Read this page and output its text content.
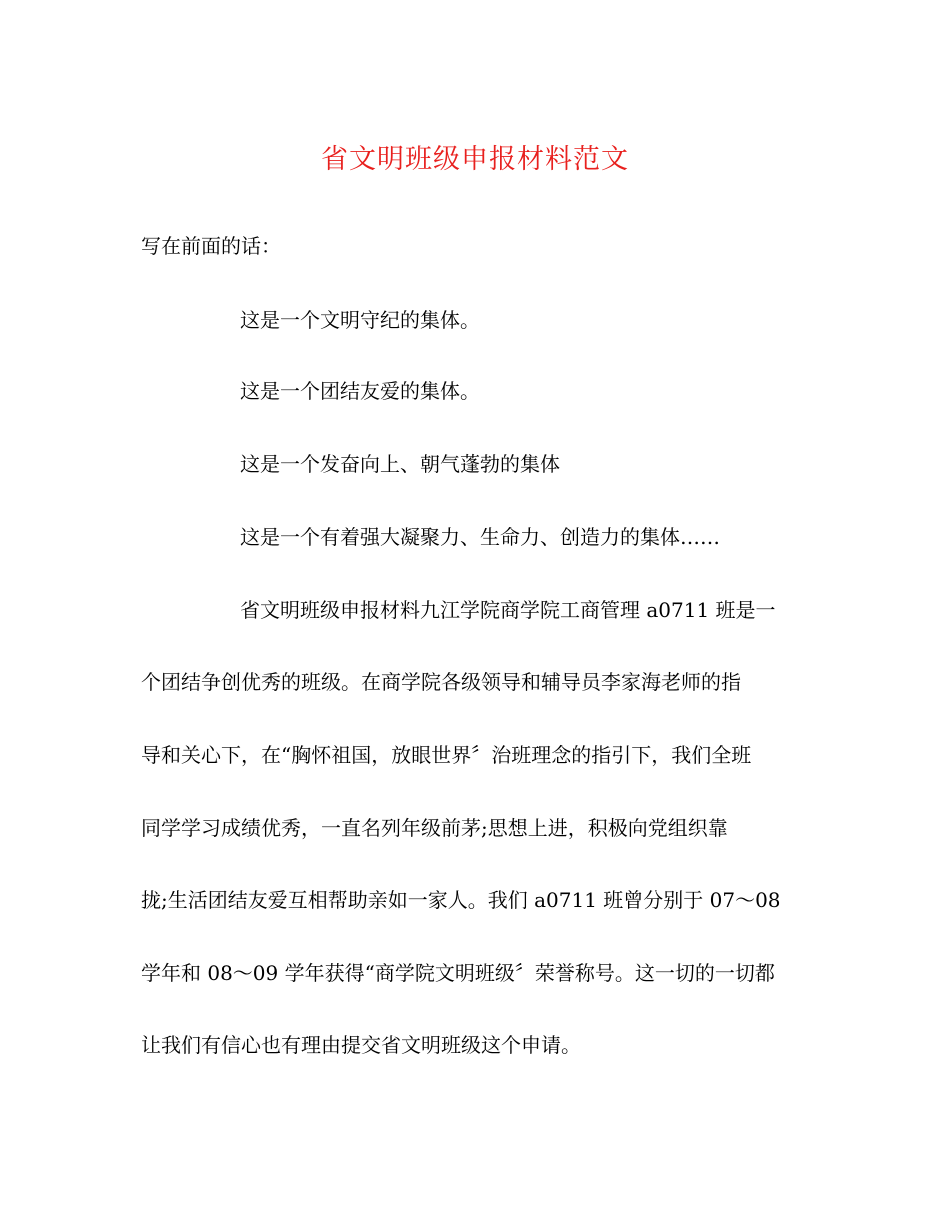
省文明班级申报材料范文
写在前面的话：
这是一个文明守纪的集体。
这是一个团结友爱的集体。
这是一个发奋向上、朝气蓬勃的集体
这是一个有着强大凝聚力、生命力、创造力的集体……
省文明班级申报材料九江学院商学院工商管理 a0711 班是一
个团结争创优秀的班级。在商学院各级领导和辅导员李家海老师的指
导和关心下，在“胸怀祖国，放眼世界〞治班理念的指引下，我们全班
同学学习成绩优秀，一直名列年级前茅;思想上进，积极向党组织靠
拢;生活团结友爱互相帮助亲如一家人。我们 a0711 班曾分别于 07～08
学年和 08～09 学年获得“商学院文明班级〞荣誉称号。这一切的一切都
让我们有信心也有理由提交省文明班级这个申请。
